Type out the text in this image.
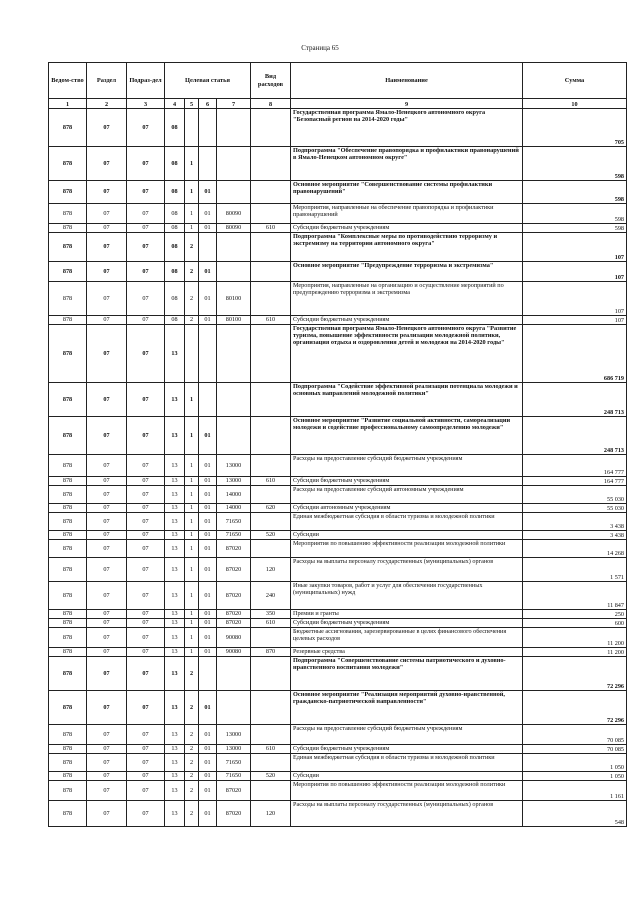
Страница 65
Ведом-ство	Раздел	Подраз-дел	Целевая статья				Вид расходов	Наименование	Сумма
1	2	3	4	5	6	7	8	9	10
878	07	07	08					Государственная программа Ямало-Ненецкого автономного округа "Безопасный регион на 2014-2020 годы"	705
878	07	07	08	1				Подпрограмма "Обеспечение правопорядка и профилактики правонарушений в Ямало-Ненецком автономном округе"	598
878	07	07	08	1	01			Основное мероприятие "Совершенствование системы профилактики правонарушений"	598
878	07	07	08	1	01	80090		Мероприятия, направленные на обеспечение правопорядка и профилактики правонарушений	598
878	07	07	08	1	01	80090	610	Субсидии бюджетным учреждениям	598
878	07	07	08	2				Подпрограмма "Комплексные меры по противодействию терроризму и экстремизму на территории автономного округа"	107
878	07	07	08	2	01			Основное мероприятие "Предупреждение терроризма и экстремизма"	107
878	07	07	08	2	01	80100		Мероприятия, направленные на организацию и осуществление мероприятий по предупреждению терроризма и экстремизма	107
878	07	07	08	2	01	80100	610	Субсидии бюджетным учреждениям	107
878	07	07	13					Государственная программа Ямало-Ненецкого автономного округа "Развитие туризма, повышение эффективности реализации молодежной политики, организация отдыха и оздоровления детей и молодежи на 2014-2020 годы"	686 719
878	07	07	13	1				Подпрограмма "Содействие эффективной реализации потенциала молодежи и основных направлений молодежной политики"	248 713
878	07	07	13	1	01			Основное мероприятие "Развитие социальной активности, самореализации молодежи и содействие профессиональному самоопределению молодежи"	248 713
878	07	07	13	1	01	13000		Расходы на предоставление субсидий бюджетным учреждениям	164 777
878	07	07	13	1	01	13000	610	Субсидии бюджетным учреждениям	164 777
878	07	07	13	1	01	14000		Расходы на предоставление субсидий автономным учреждениям	55 030
878	07	07	13	1	01	14000	620	Субсидии автономным учреждениям	55 030
878	07	07	13	1	01	71650		Единая межбюджетная субсидия в области туризма и молодежной политики	3 438
878	07	07	13	1	01	71650	520	Субсидии	3 438
878	07	07	13	1	01	87020		Мероприятия по повышению эффективности реализации молодежной политики	14 268
878	07	07	13	1	01	87020	120	Расходы на выплаты персоналу государственных (муниципальных) органов	1 571
878	07	07	13	1	01	87020	240	Иные закупки товаров, работ и услуг для обеспечения государственных (муниципальных) нужд	11 847
878	07	07	13	1	01	87020	350	Премии и гранты	250
878	07	07	13	1	01	87020	610	Субсидии бюджетным учреждениям	600
878	07	07	13	1	01	90080		Бюджетные ассигнования, зарезервированные в целях финансового обеспечения целевых расходов	11 200
878	07	07	13	1	01	90080	870	Резервные средства	11 200
878	07	07	13	2				Подпрограмма "Совершенствование системы патриотического и духовно-нравственного воспитания молодежи"	72 296
878	07	07	13	2	01			Основное мероприятие "Реализация мероприятий духовно-нравственной, гражданско-патриотической направленности"	72 296
878	07	07	13	2	01	13000		Расходы на предоставление субсидий бюджетным учреждениям	70 085
878	07	07	13	2	01	13000	610	Субсидии бюджетным учреждениям	70 085
878	07	07	13	2	01	71650		Единая межбюджетная субсидия в области туризма и молодежной политики	1 050
878	07	07	13	2	01	71650	520	Субсидии	1 050
878	07	07	13	2	01	87020		Мероприятия по повышению эффективности реализации молодежной политики	1 161
878	07	07	13	2	01	87020	120	Расходы на выплаты персоналу государственных (муниципальных) органов	548
